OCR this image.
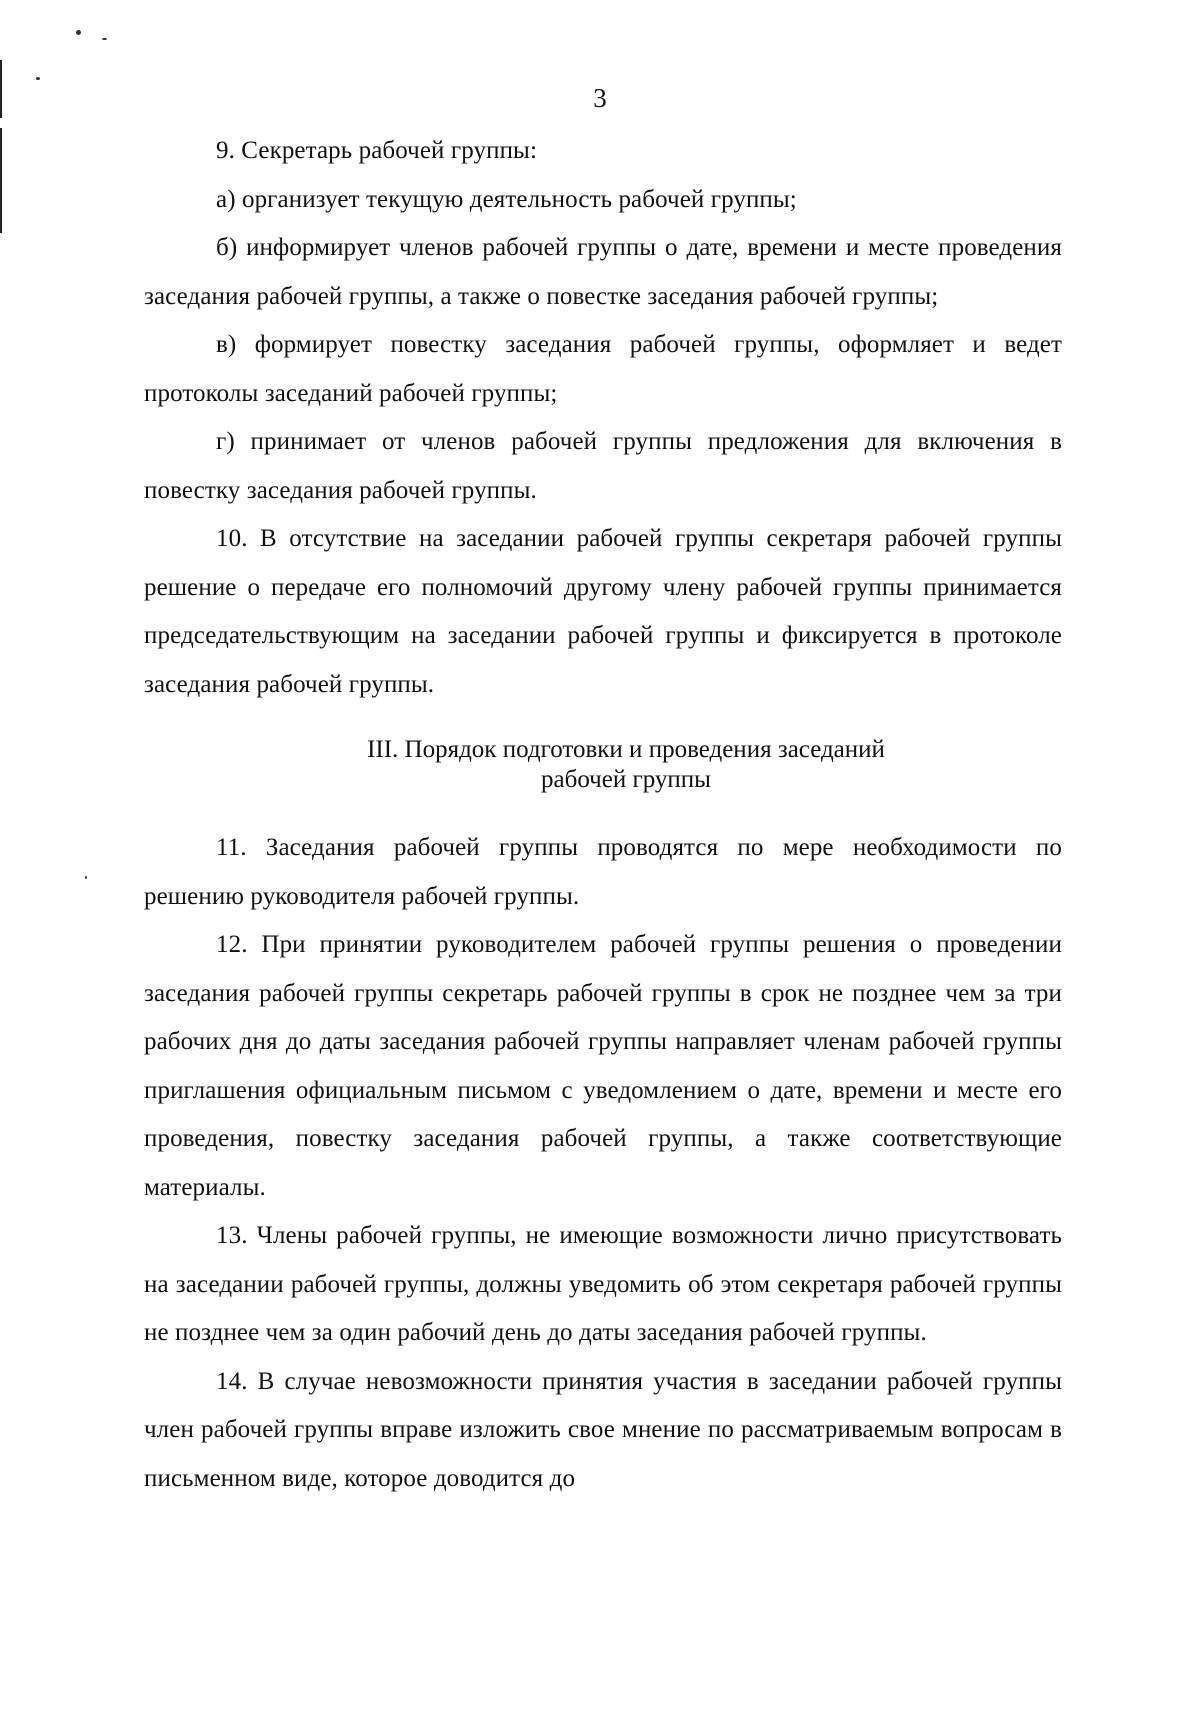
3

9. Секретарь рабочей группы:

а) организует текущую деятельность рабочей группы;

б) информирует членов рабочей группы о дате, времени и месте проведения заседания рабочей группы, а также о повестке заседания рабочей группы;

в) формирует повестку заседания рабочей группы, оформляет и ведет протоколы заседаний рабочей группы;

г) принимает от членов рабочей группы предложения для включения в повестку заседания рабочей группы.

10. В отсутствие на заседании рабочей группы секретаря рабочей группы решение о передаче его полномочий другому члену рабочей группы принимается председательствующим на заседании рабочей группы и фиксируется в протоколе заседания рабочей группы.

III. Порядок подготовки и проведения заседаний
рабочей группы

11. Заседания рабочей группы проводятся по мере необходимости по решению руководителя рабочей группы.

12. При принятии руководителем рабочей группы решения о проведении заседания рабочей группы секретарь рабочей группы в срок не позднее чем за три рабочих дня до даты заседания рабочей группы направляет членам рабочей группы приглашения официальным письмом с уведомлением о дате, времени и месте его проведения, повестку заседания рабочей группы, а также соответствующие материалы.

13. Члены рабочей группы, не имеющие возможности лично присутствовать на заседании рабочей группы, должны уведомить об этом секретаря рабочей группы не позднее чем за один рабочий день до даты заседания рабочей группы.

14. В случае невозможности принятия участия в заседании рабочей группы член рабочей группы вправе изложить свое мнение по рассматриваемым вопросам в письменном виде, которое доводится до
